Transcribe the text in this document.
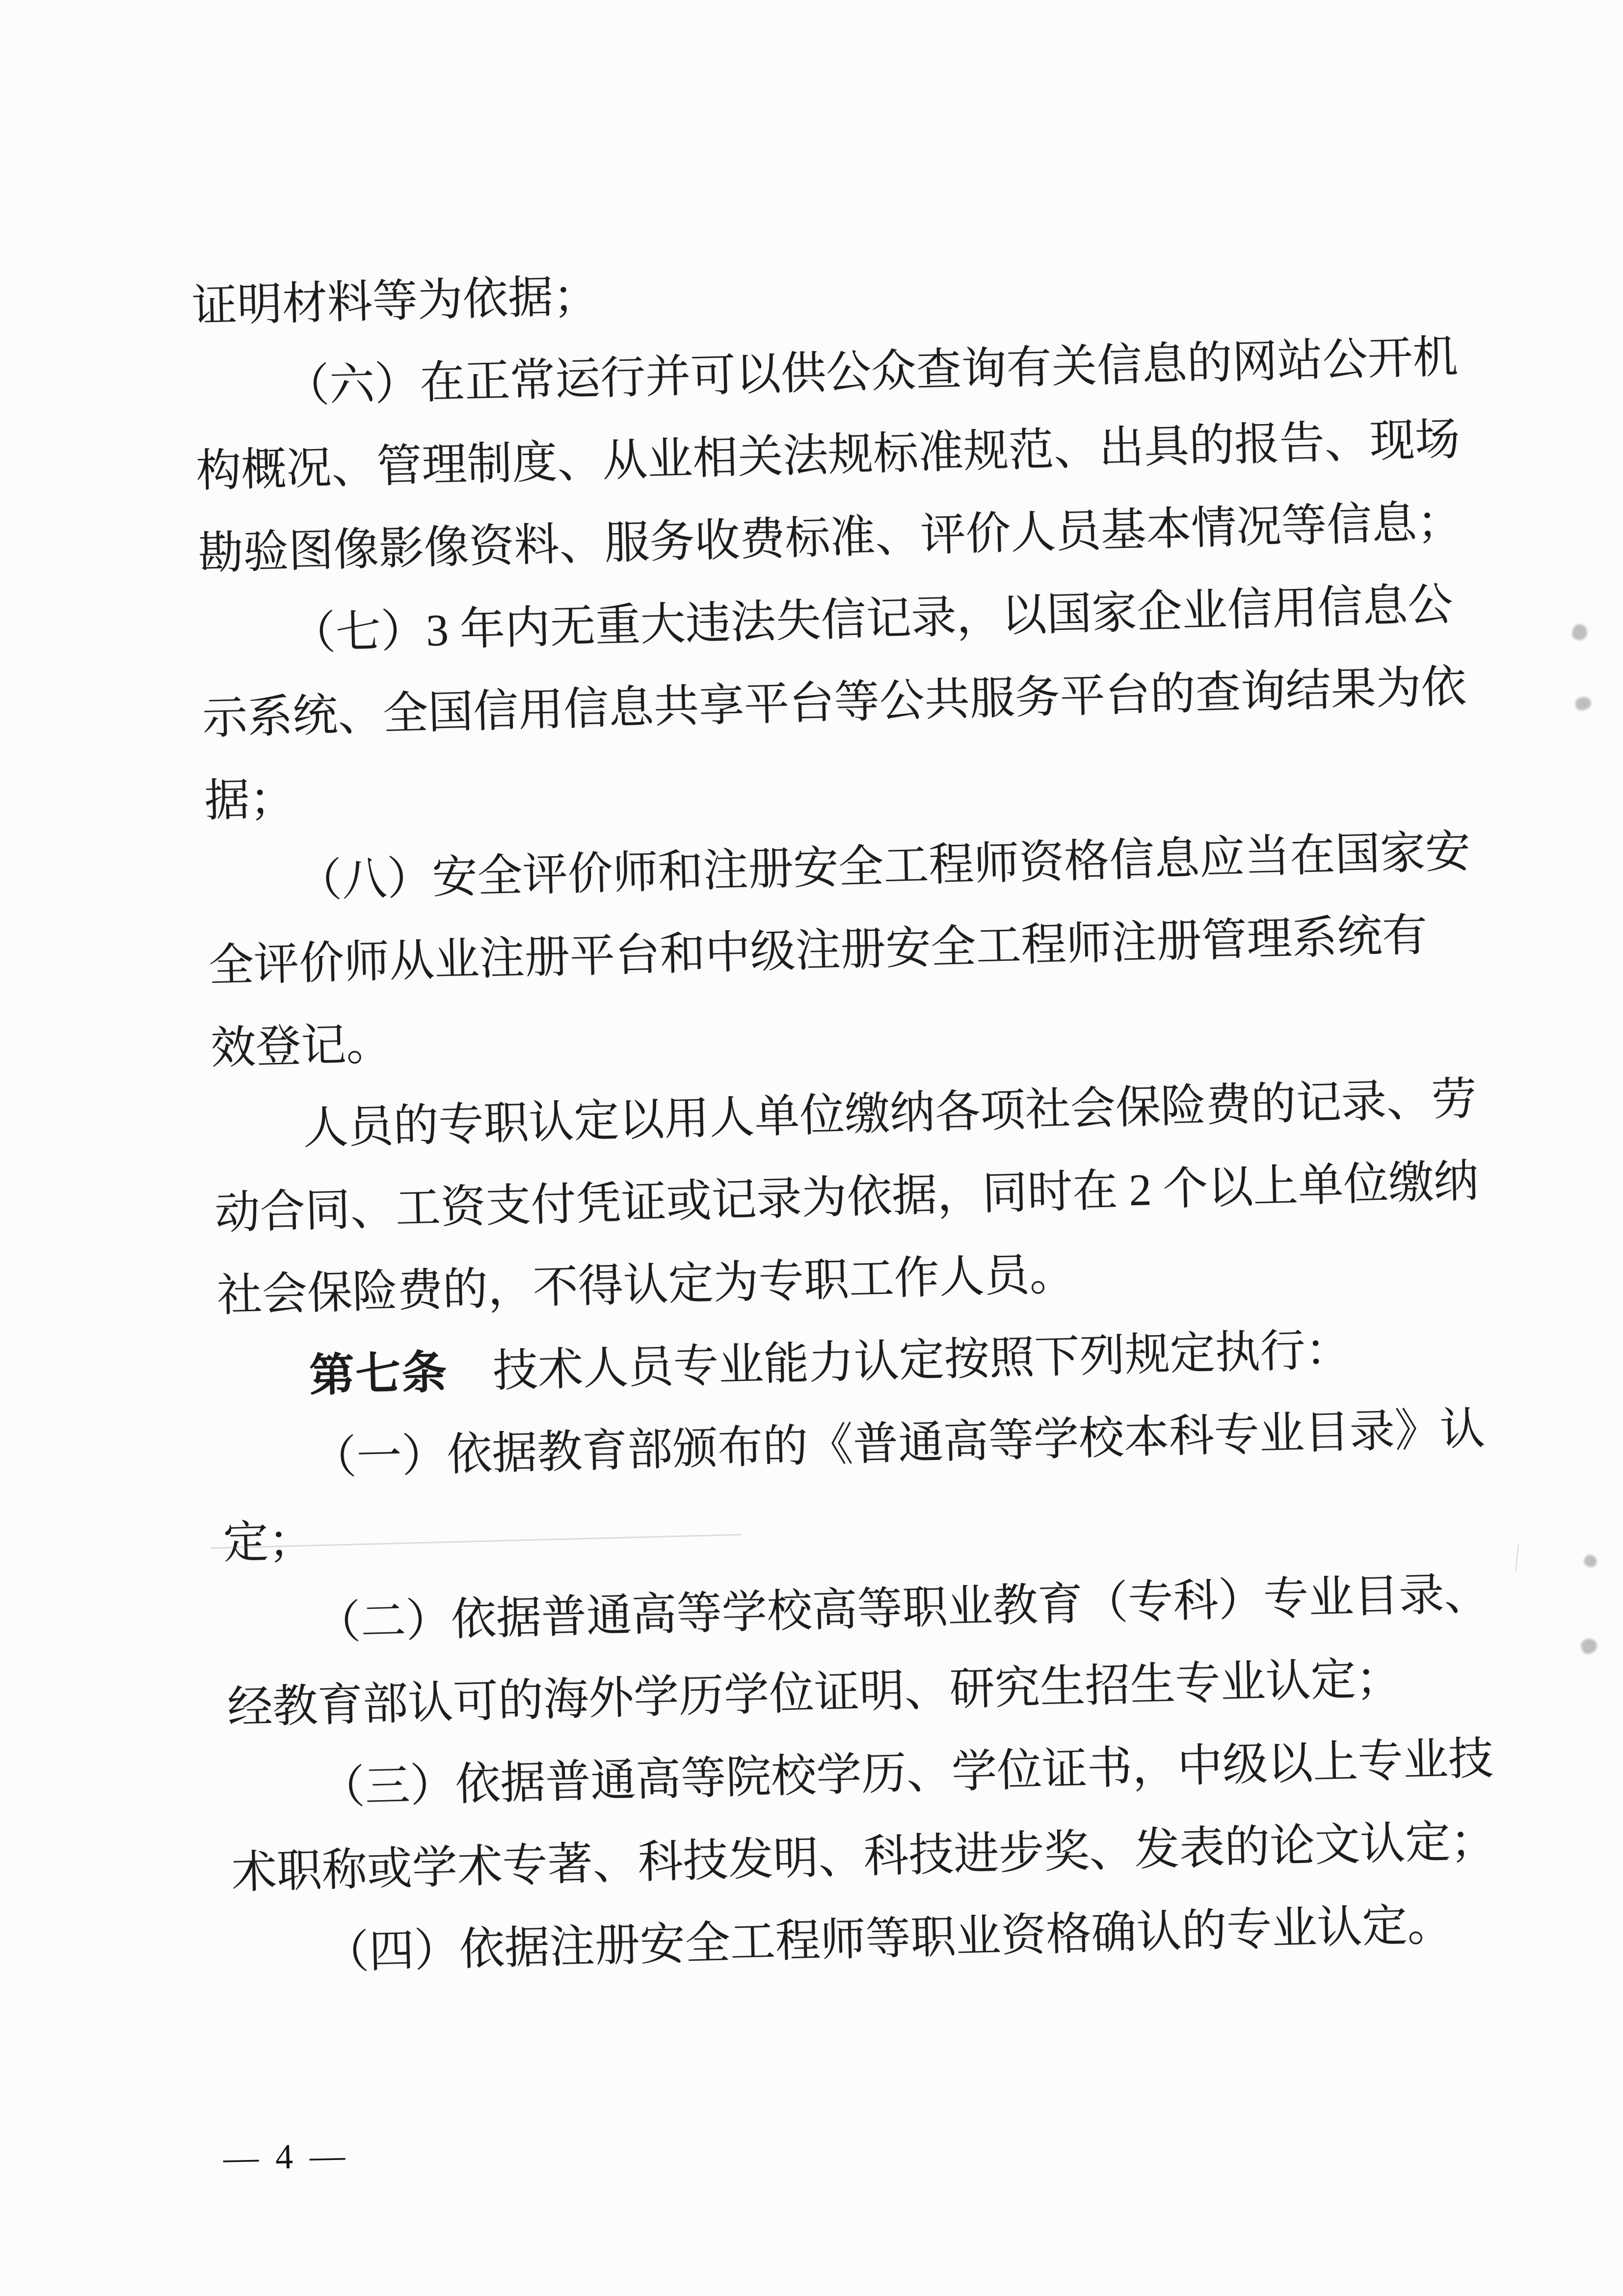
证明材料等为依据；
（六）在正常运行并可以供公众查询有关信息的网站公开机
构概况、管理制度、从业相关法规标准规范、出具的报告、现场
勘验图像影像资料、服务收费标准、评价人员基本情况等信息；
（七）3 年内无重大违法失信记录，以国家企业信用信息公
示系统、全国信用信息共享平台等公共服务平台的查询结果为依
据；
（八）安全评价师和注册安全工程师资格信息应当在国家安
全评价师从业注册平台和中级注册安全工程师注册管理系统有
效登记。
人员的专职认定以用人单位缴纳各项社会保险费的记录、劳
动合同、工资支付凭证或记录为依据，同时在 2 个以上单位缴纳
社会保险费的，不得认定为专职工作人员。
第七条　技术人员专业能力认定按照下列规定执行：
（一）依据教育部颁布的《普通高等学校本科专业目录》认
定；
（二）依据普通高等学校高等职业教育（专科）专业目录、
经教育部认可的海外学历学位证明、研究生招生专业认定；
（三）依据普通高等院校学历、学位证书，中级以上专业技
术职称或学术专著、科技发明、科技进步奖、发表的论文认定；
（四）依据注册安全工程师等职业资格确认的专业认定。
— 4 —
